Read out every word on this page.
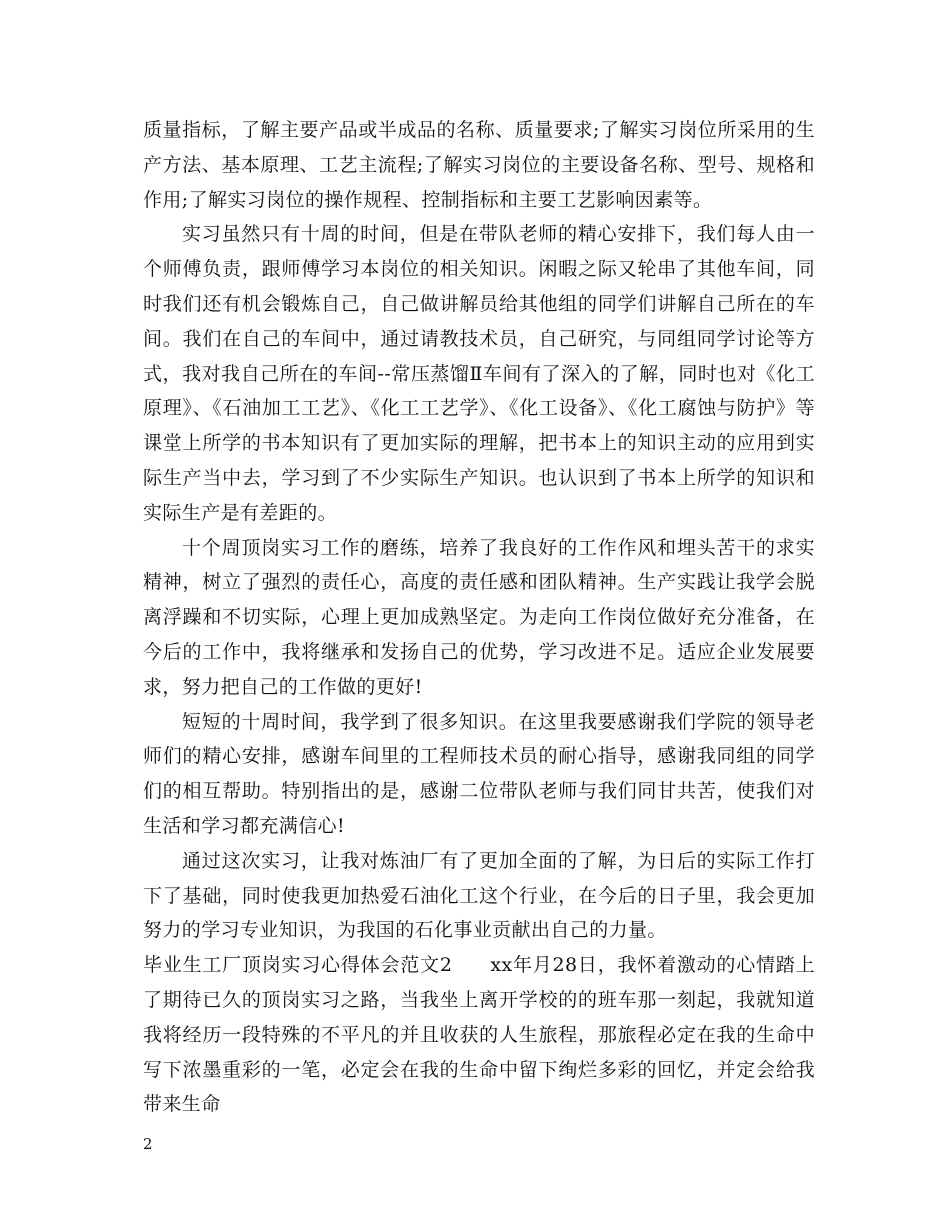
质量指标，了解主要产品或半成品的名称、质量要求;了解实习岗位所采用的生产方法、基本原理、工艺主流程;了解实习岗位的主要设备名称、型号、规格和作用;了解实习岗位的操作规程、控制指标和主要工艺影响因素等。

实习虽然只有十周的时间，但是在带队老师的精心安排下，我们每人由一个师傅负责，跟师傅学习本岗位的相关知识。闲暇之际又轮串了其他车间，同时我们还有机会锻炼自己，自己做讲解员给其他组的同学们讲解自己所在的车间。我们在自己的车间中，通过请教技术员，自己研究，与同组同学讨论等方式，我对我自己所在的车间--常压蒸馏Ⅱ车间有了深入的了解，同时也对《化工原理》、《石油加工工艺》、《化工工艺学》、《化工设备》、《化工腐蚀与防护》等课堂上所学的书本知识有了更加实际的理解，把书本上的知识主动的应用到实际生产当中去，学习到了不少实际生产知识。也认识到了书本上所学的知识和实际生产是有差距的。

十个周顶岗实习工作的磨练，培养了我良好的工作作风和埋头苦干的求实精神，树立了强烈的责任心，高度的责任感和团队精神。生产实践让我学会脱离浮躁和不切实际，心理上更加成熟坚定。为走向工作岗位做好充分准备，在今后的工作中，我将继承和发扬自己的优势，学习改进不足。适应企业发展要求，努力把自己的工作做的更好!

短短的十周时间，我学到了很多知识。在这里我要感谢我们学院的领导老师们的精心安排，感谢车间里的工程师技术员的耐心指导，感谢我同组的同学们的相互帮助。特别指出的是，感谢二位带队老师与我们同甘共苦，使我们对生活和学习都充满信心!

通过这次实习，让我对炼油厂有了更加全面的了解，为日后的实际工作打下了基础，同时使我更加热爱石油化工这个行业，在今后的日子里，我会更加努力的学习专业知识，为我国的石化事业贡献出自己的力量。

毕业生工厂顶岗实习心得体会范文2 xx年月28日，我怀着激动的心情踏上了期待已久的顶岗实习之路，当我坐上离开学校的的班车那一刻起，我就知道我将经历一段特殊的不平凡的并且收获的人生旅程，那旅程必定在我的生命中写下浓墨重彩的一笔，必定会在我的生命中留下绚烂多彩的回忆，并定会给我带来生命

2
